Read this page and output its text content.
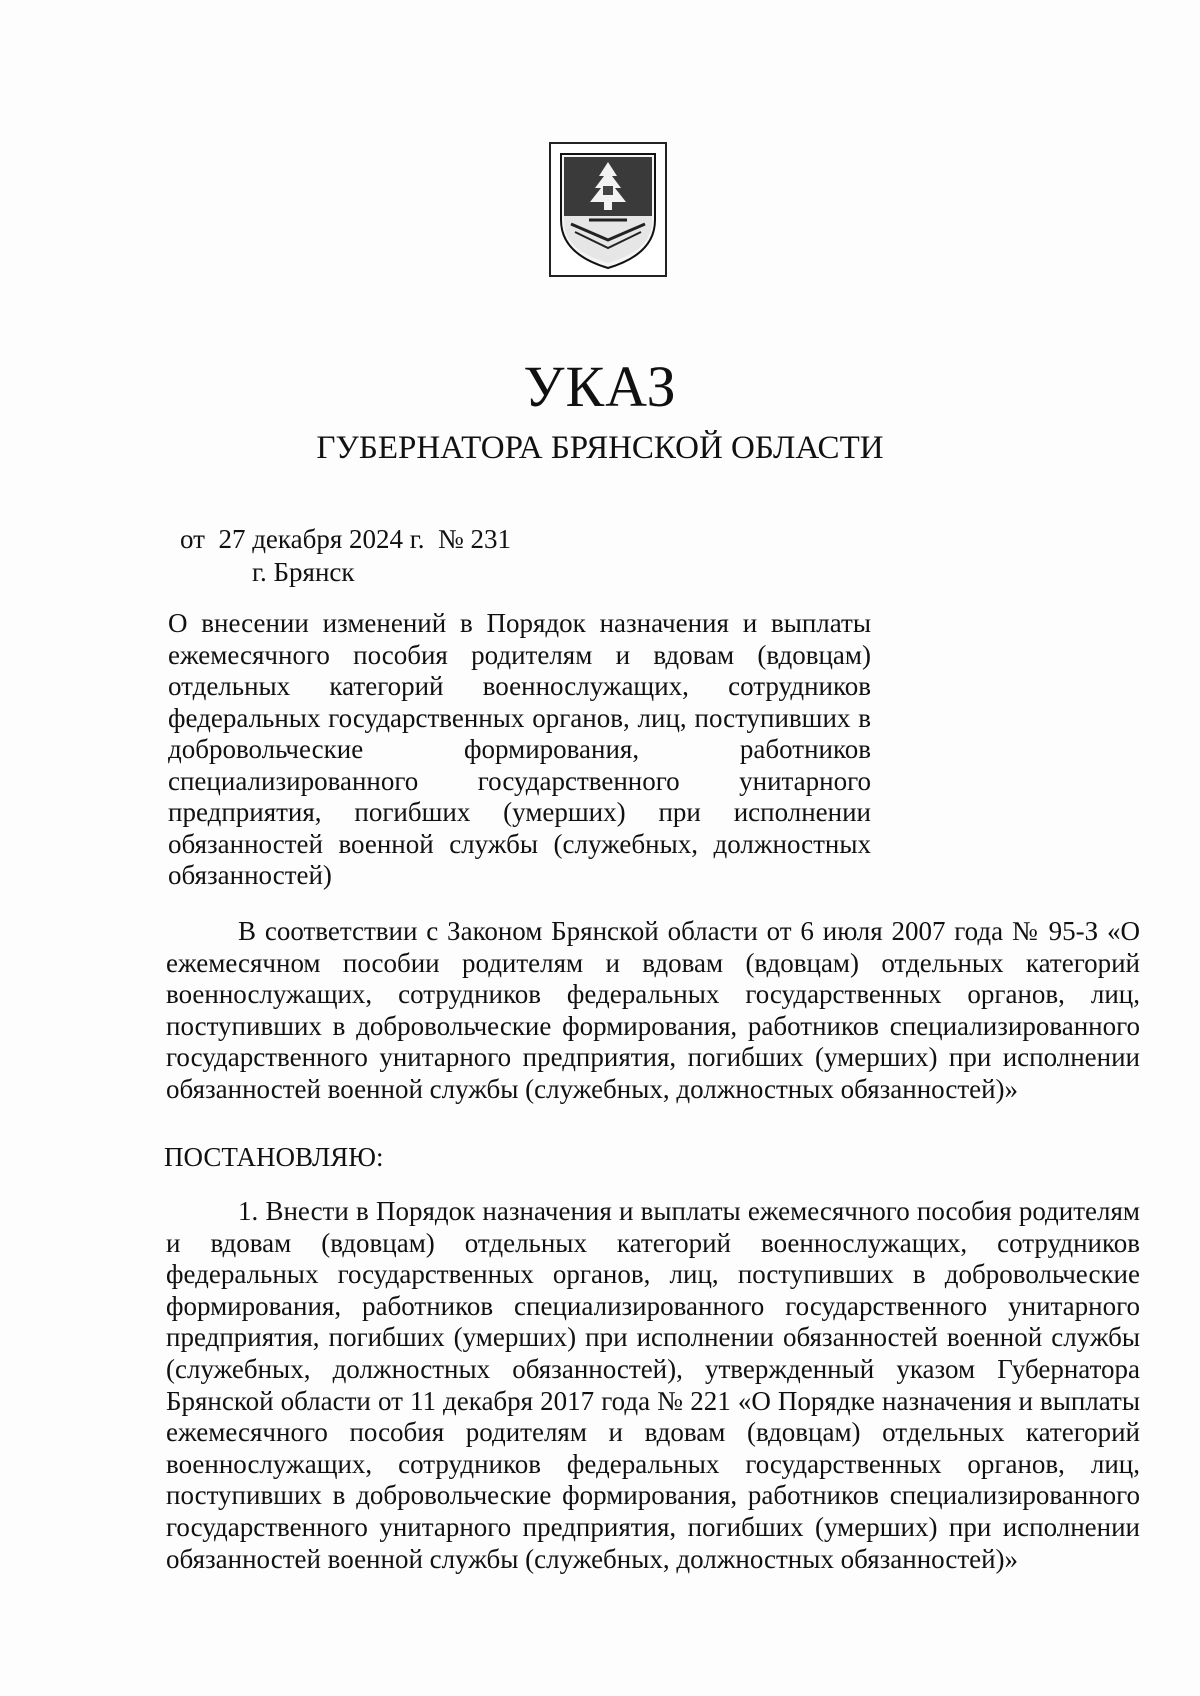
УКАЗ
ГУБЕРНАТОРА БРЯНСКОЙ ОБЛАСТИ
от  27 декабря 2024 г.  № 231
г. Брянск

О внесении изменений в Порядок назначения и выплаты ежемесячного пособия родителям и вдовам (вдовцам) отдельных категорий военнослужащих, сотрудников федеральных государственных органов, лиц, поступивших в добровольческие формирования, работников специализированного государственного унитарного предприятия, погибших (умерших) при исполнении обязанностей военной службы (служебных, должностных обязанностей)

В соответствии с Законом Брянской области от 6 июля 2007 года № 95-З «О ежемесячном пособии родителям и вдовам (вдовцам) отдельных категорий военнослужащих, сотрудников федеральных государственных органов, лиц, поступивших в добровольческие формирования, работников специализированного государственного унитарного предприятия, погибших (умерших) при исполнении обязанностей военной службы (служебных, должностных обязанностей)»

ПОСТАНОВЛЯЮ:

1. Внести в Порядок назначения и выплаты ежемесячного пособия родителям и вдовам (вдовцам) отдельных категорий военнослужащих, сотрудников федеральных государственных органов, лиц, поступивших в добровольческие формирования, работников специализированного государственного унитарного предприятия, погибших (умерших) при исполнении обязанностей военной службы (служебных, должностных обязанностей), утвержденный указом Губернатора Брянской области от 11 декабря 2017 года № 221 «О Порядке назначения и выплаты ежемесячного пособия родителям и вдовам (вдовцам) отдельных категорий военнослужащих, сотрудников федеральных государственных органов, лиц, поступивших в добровольческие формирования, работников специализированного государственного унитарного предприятия, погибших (умерших) при исполнении обязанностей военной службы (служебных, должностных обязанностей)»
